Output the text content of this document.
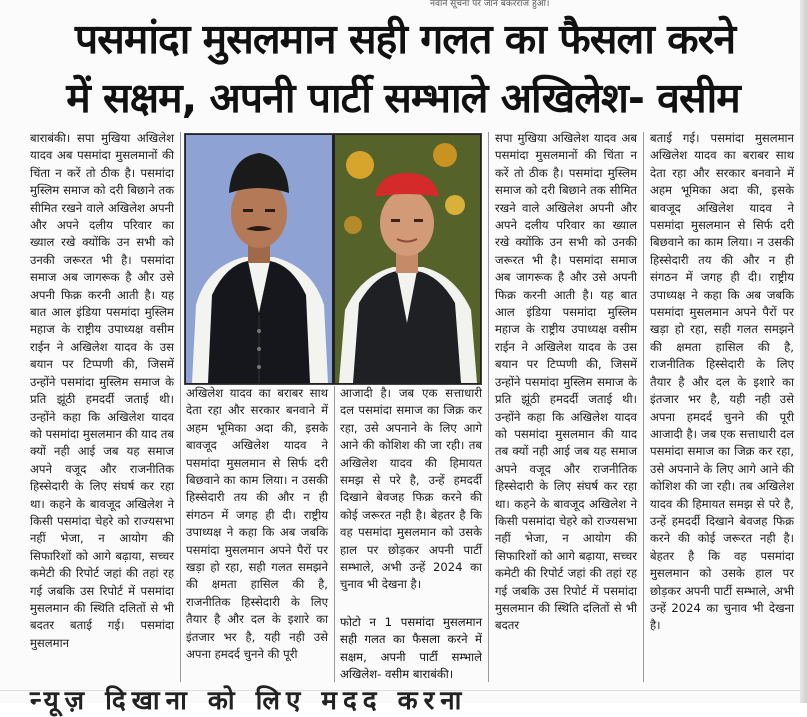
नवाने सूचना पर जान बकरराज हुआ।
पसमांदा मुसलमान सही गलत का फैसला करने
में सक्षम, अपनी पार्टी सम्भाले अखिलेश- वसीम

बाराबंकी। सपा मुखिया अखिलेश यादव अब पसमांदा मुसलमानों की चिंता न करें तो ठीक है। पसमांदा मुस्लिम समाज को दरी बिछाने तक सीमित रखने वाले अखिलेश अपनी और अपने दलीय परिवार का ख्याल रखे क्योंकि उन सभी को उनकी जरूरत भी है। पसमांदा समाज अब जागरूक है और उसे अपनी फिक्र करनी आती है। यह बात आल इंडिया पसमांदा मुस्लिम महाज के राष्ट्रीय उपाध्यक्ष वसीम राईन ने अखिलेश यादव के उस बयान पर टिप्पणी की, जिसमें उन्होंने पसमांदा मुस्लिम समाज के प्रति झूंठी हमदर्दी जताई थी। उन्होंने कहा कि अखिलेश यादव को पसमांदा मुसलमान की याद तब क्यों नही आई जब यह समाज अपने वजूद और राजनीतिक हिस्सेदारी के लिए संघर्ष कर रहा था। कहने के बावजूद अखिलेश ने किसी पसमांदा चेहरे को राज्यसभा नहीं भेजा, न आयोग की सिफारिशों को आगे बढ़ाया, सच्चर कमेटी की रिपोर्ट जहां की तहां रह गई जबकि उस रिपोर्ट में पसमांदा मुसलमान की स्थिति दलितों से भी बदतर बताई गई। पसमांदा मुसलमान

अखिलेश यादव का बराबर साथ देता रहा और सरकार बनवाने में अहम भूमिका अदा की, इसके बावजूद अखिलेश यादव ने पसमांदा मुसलमान से सिर्फ दरी बिछवाने का काम लिया। न उसकी हिस्सेदारी तय की और न ही संगठन में जगह ही दी। राष्ट्रीय उपाध्यक्ष ने कहा कि अब जबकि पसमांदा मुसलमान अपने पैरों पर खड़ा हो रहा, सही गलत समझने की क्षमता हासिल की है, राजनीतिक हिस्सेदारी के लिए तैयार है और दल के इशारे का इंतजार भर है, यही नही उसे अपना हमदर्द चुनने की पूरी

आजादी है। जब एक सत्ताधारी दल पसमांदा समाज का जिक्र कर रहा, उसे अपनाने के लिए आगे आने की कोशिश की जा रही। तब अखिलेश यादव की हिमायत समझ से परे है, उन्हें हमदर्दी दिखाने बेवजह फिक्र करने की कोई जरूरत नही है। बेहतर है कि वह पसमांदा मुसलमान को उसके हाल पर छोड़कर अपनी पार्टी सम्भाले, अभी उन्हें 2024 का चुनाव भी देखना है।

फोटो न 1 पसमांदा मुसलमान सही गलत का फैसला करने में सक्षम, अपनी पार्टी सम्भाले अखिलेश- वसीम बाराबंकी।

सपा मुखिया अखिलेश यादव अब पसमांदा मुसलमानों की चिंता न करें तो ठीक है। पसमांदा मुस्लिम समाज को दरी बिछाने तक सीमित रखने वाले अखिलेश अपनी और अपने दलीय परिवार का ख्याल रखे क्योंकि उन सभी को उनकी जरूरत भी है। पसमांदा समाज अब जागरूक है और उसे अपनी फिक्र करनी आती है। यह बात आल इंडिया पसमांदा मुस्लिम महाज के राष्ट्रीय उपाध्यक्ष वसीम राईन ने अखिलेश यादव के उस बयान पर टिप्पणी की, जिसमें उन्होंने पसमांदा मुस्लिम समाज के प्रति झूंठी हमदर्दी जताई थी। उन्होंने कहा कि अखिलेश यादव को पसमांदा मुसलमान की याद तब क्यों नही आई जब यह समाज अपने वजूद और राजनीतिक हिस्सेदारी के लिए संघर्ष कर रहा था। कहने के बावजूद अखिलेश ने किसी पसमांदा चेहरे को राज्यसभा नहीं भेजा, न आयोग की सिफारिशों को आगे बढ़ाया, सच्चर कमेटी की रिपोर्ट जहां की तहां रह गई जबकि उस रिपोर्ट में पसमांदा मुसलमान की स्थिति दलितों से भी बदतर

बताई गई। पसमांदा मुसलमान अखिलेश यादव का बराबर साथ देता रहा और सरकार बनवाने में अहम भूमिका अदा की, इसके बावजूद अखिलेश यादव ने पसमांदा मुसलमान से सिर्फ दरी बिछवाने का काम लिया। न उसकी हिस्सेदारी तय की और न ही संगठन में जगह ही दी। राष्ट्रीय उपाध्यक्ष ने कहा कि अब जबकि पसमांदा मुसलमान अपने पैरों पर खड़ा हो रहा, सही गलत समझने की क्षमता हासिल की है, राजनीतिक हिस्सेदारी के लिए तैयार है और दल के इशारे का इंतजार भर है, यही नही उसे अपना हमदर्द चुनने की पूरी आजादी है। जब एक सत्ताधारी दल पसमांदा समाज का जिक्र कर रहा, उसे अपनाने के लिए आगे आने की कोशिश की जा रही। तब अखिलेश यादव की हिमायत समझ से परे है, उन्हें हमदर्दी दिखाने बेवजह फिक्र करने की कोई जरूरत नही है। बेहतर है कि वह पसमांदा मुसलमान को उसके हाल पर छोड़कर अपनी पार्टी सम्भाले, अभी उन्हें 2024 का चुनाव भी देखना है।

न्यूज़ दिखाना को लिए मदद करना
